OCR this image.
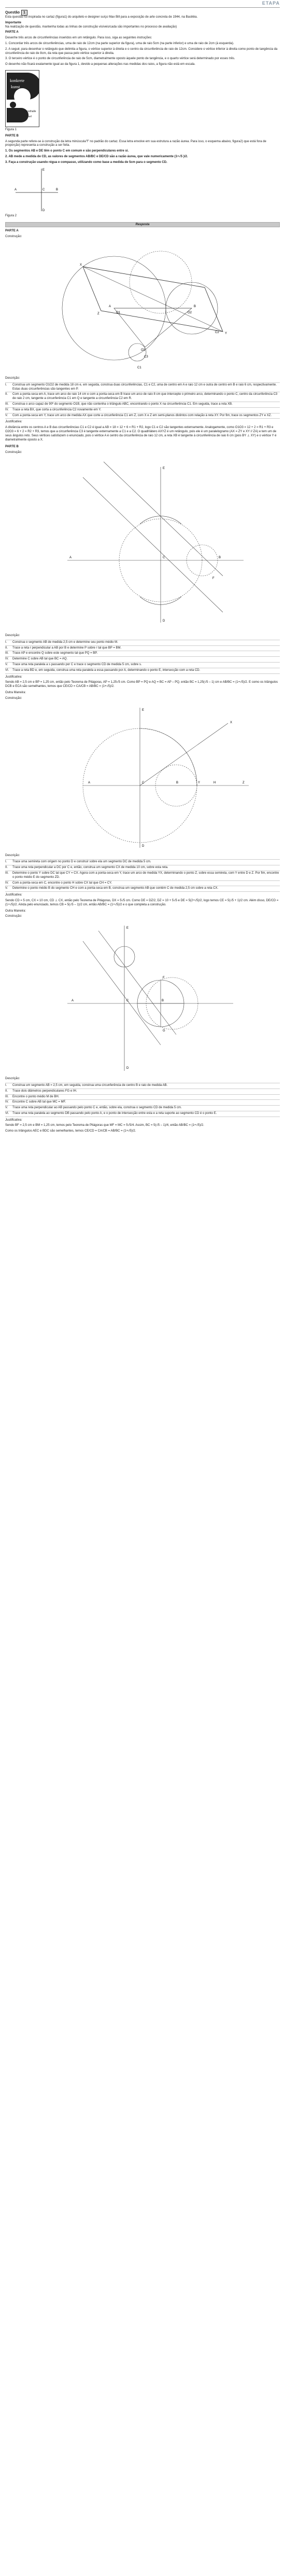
ETAPA
Questão	1

Esta questão foi inspirada no cartaz (figura1) do arquiteto e designer suíço Max Bill para a exposição de arte concreta de 1944, na Basiléia.

Importante

Na realização de questão, mantenha todas as linhas de construção visíveis/cada são importantes no processo de avaliação)

PARTE A

Desenhe três arcos de circunferências inseridos em um retângulo. Para isso, siga as seguintes instruções:

1. Concordar três arcos de circunferências, uma de raio de 12cm (na parte superior da figura), uma de raio 5cm (na parte inferior) e uma de raio de 2cm (à esquerda).

2. A seguir, para desenhar o retângulo que delimita a figura, o vértice superior à direita e o centro da circunferência de raio de 12cm. Considere o vértice inferior à direita como ponto de tangência da circunferência de raio de 8cm, da reta que passa pelo vértice superior à direita.

3. O terceiro vértice é o ponto de circunferência de raio de 5cm, diametralmente oposto àquele ponto de tangência, e o quarto vértice será determinado por esses três.

O desenho não ficará exatamente igual ao da figura 1, devido a pequenas alterações nas medidas dos raios, a figura não está em escala.

konkrete
kunst
kunsthalle
basel
Figura 1

PARTE B

A segunda parte refere-se à construção da letra minúscula"f" no padrão do cartaz. Essa letra envolve em sua estrutura a razão áurea. Para isso, o esquema abaixo, figura2) que está fora de proporção) representa a construção a ser feita.

1. Os segmentos AB e DE têm o ponto C em comum e são perpendiculares entre si.

2. AB mede a medida de CD, as valores de segmentos AB/BC e DE/CD são a razão áurea, que vale numericamente (1+√5 )/2.

3. Faça a construção usando régua e compasso, utilizando como base a medida de 5cm para o segmento CD.

E
A	C	B
D
Figura 2
Resposta

PARTE A

Construção:

C1
C2
C3
A	B
O1	O2
O3
X
Y
Z

Descrição:

I.	Construa um segmento O1O2 de medida 18 cm e, em seguida, construa duas circunferências, C1 e C2, uma de centro em A e raio 12 cm e outra de centro em B e raio 6 cm, respectivamente. Estas duas circunferências são tangentes em P.
II.	Com a ponta-seca em A, trace um arco de raio 14 cm e com a ponta-seca em B trace um arco de raio 8 cm que intercepte o primeiro arco, determinando o ponto C, centro da circunferência C3 de raio 2 cm, tangente a circunferência C1 em Q e tangente a circunferência C2 em R.
III.	Construa o arco capaz de 90º do segmento O1B, que não contenha o triângulo ABC, encontrando o ponto X na circunferência C1. Em seguida, trace a reta XB.
IV.	Trace a reta BX, que corta a circunferência C2 novamente em Y.
V.	Com a ponta-seca em Y, trace um arco de medida AX que corte a circunferência C1 em Z, com X e Z em semi-planos distintos com relação à reta XY. Por fim, trace os segmentos ZY e XZ.

Justificativa:

A distância entre os centros A e B das circunferências C1 e C2 é igual a AB = 18 = 12 + 6 = R1 + R2, logo C1 e C2 são tangentes externamente. Analogamente, como O1O3 = 12 + 2 = R1 + R3 e O2O3 = 6 + 2 = R2 + R3, temos que a circunferência C3 é tangente externamente a C1 e a C2. O quadrilátero AXYZ é um retângulo, pois ele é um paralelogramo (AX = ZY e XY // ZA) e tem um de seus ângulos reto. Seus vértices satisfazem o enunciado, pois o vértice A é centro da circunferência de raio 12 cm, a reta XB é tangente à circunferência de raio 6 cm (pois BY ⊥ XY) e o vértice Y é diametralmente oposto a X.

PARTE B

Construção:

E
A	C	B
D
F

Descrição:

I.	Construa o segmento AB de medida 2,5 cm e determine seu ponto médio M.
II.	Trace a reta r perpendicular a AB por B e determine P sobre r tal que BP = BM.
III.	Trace AP e encontre Q sobre este segmento tal que PQ = BP.
IV.	Determine C sobre AB tal que BC = AQ.
V.	Trace uma reta paralela a s passando por C e trace o segmento CD de medida 5 cm, sobre s.
VI.	Trace a reta BD e, em seguida, construa uma reta paralela a essa passando por A, determinando o ponto E, intersecção com a reta CD.

Justificativa:

Sendo AB = 2,5 cm e BP = 1,25 cm, então pelo Teorema de Pitágoras, AP = 1,25√5 cm. Como BP = PQ e AQ = BC = AP – PQ, então BC = 1,25(√5 – 1) cm e AB/BC = (1+√5)/2. E como os triângulos DCB e ECA são semelhantes, temos que CE/CD = CA/CB = AB/BC = (1+√5)/2.

Outra Maneira:

Construção:

E
A	C	B
D
X
Y	Z
H

Descrição:

I.	Trace uma semireta com origem no ponto D e construir sobre ela um segmento DC de medida 5 cm.
II.	Trace uma reta perpendicular a DC por C e, então, construa um segmento CX de medida 10 cm, sobre esta reta.
III.	Determine o ponto Y sobre DC tal que CY = CX. Agora com a ponta-seca em Y, trace um arco de medida YX, determinando o ponto Z, sobre essa semireta, com Y entre D e Z. Por fim, encontre o ponto médio E do segmento ZD.
IV.	Com a ponta-seca em C, encontre o ponto H sobre CX tal que CH = CY.
V.	Determine o ponto médio B do segmento CH e com a ponta-seca em B, construa um segmento AB que contém C de medida 2,5 cm sobre a reta CX.

Justificativa:

Sendo CD = 5 cm, CX = 10 cm, CD ⊥ CX, então pelo Teorema de Pitágoras, DX = 5√5 cm. Como DE = DZ/2, DZ = 10 + 5√5 e DE = 5(2+√5)/2, logo temos CE = 5(√5 + 1)/2 cm. Além disso, DE/CD = (1+√5)/2. Ainda pelo enunciado, temos CB = 5(√5 – 1)/2 cm, então AB/BC = (1+√5)/2 e o que completa a construção.

Outra Maneira:

Construção:

E
A	C	B
D
F
G

Descrição:

I.	Construa um segmento AB = 2,5 cm, em seguida, construa uma circunferência de centro B e raio de medida AB.
II.	Trace dois diâmetros perpendiculares FG e IH.
III.	Encontre o ponto médio M de BH.
IV.	Encontre C sobre AB tal que MC = MF.
V.	Trace uma reta perpendicular ao AB passando pelo ponto C e, então, sobre ela, construa o segmento CD de medida 5 cm.
VI.	Trace uma reta paralela ao segmento DB passando pelo ponto A, e o ponto de intersecção entre esta e a reta suporte ao segmento CD é o ponto E.

Justificativa:

Sendo BF = 2,5 cm e BM = 1,25 cm, temos pelo Teorema de Pitágoras que MF = MC = 5√5/4. Assim, BC = 5(√5 – 1)/4, então AB/BC = (1+√5)/2.

Como os triângulos AEC e BDC são semelhantes, temos CE/CD = CA/CB = AB/BC = (1+√5)/2.
